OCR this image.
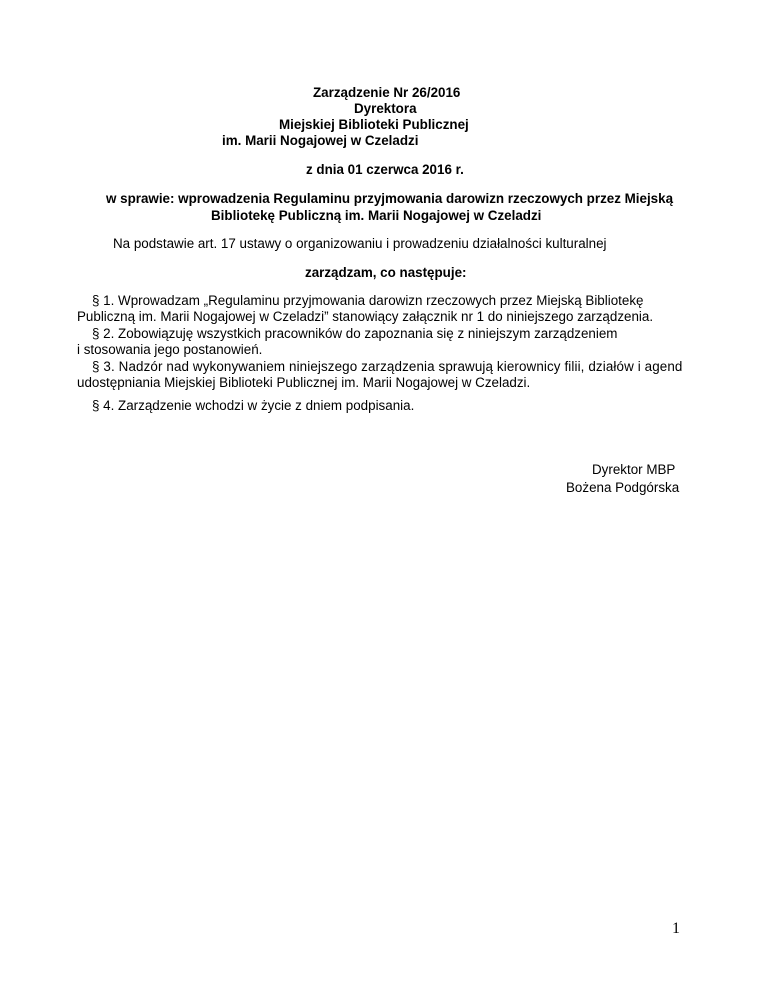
Zarządzenie Nr 26/2016
Dyrektora
Miejskiej Biblioteki Publicznej
im. Marii Nogajowej w Czeladzi
z dnia 01 czerwca 2016 r.
w sprawie: wprowadzenia Regulaminu przyjmowania darowizn rzeczowych przez Miejską
Bibliotekę Publiczną im. Marii Nogajowej w Czeladzi
Na podstawie art. 17 ustawy o organizowaniu i prowadzeniu działalności kulturalnej
zarządzam, co następuje:
§ 1. Wprowadzam „Regulaminu przyjmowania darowizn rzeczowych przez Miejską Bibliotekę
Publiczną im. Marii Nogajowej w Czeladzi” stanowiący załącznik nr 1 do niniejszego zarządzenia.
§ 2. Zobowiązuję wszystkich pracowników do zapoznania się z niniejszym zarządzeniem
i stosowania jego postanowień.
§ 3. Nadzór nad wykonywaniem niniejszego zarządzenia sprawują kierownicy filii, działów i agend
udostępniania Miejskiej Biblioteki Publicznej im. Marii Nogajowej w Czeladzi.
§ 4. Zarządzenie wchodzi w życie z dniem podpisania.
Dyrektor MBP
Bożena Podgórska
1
